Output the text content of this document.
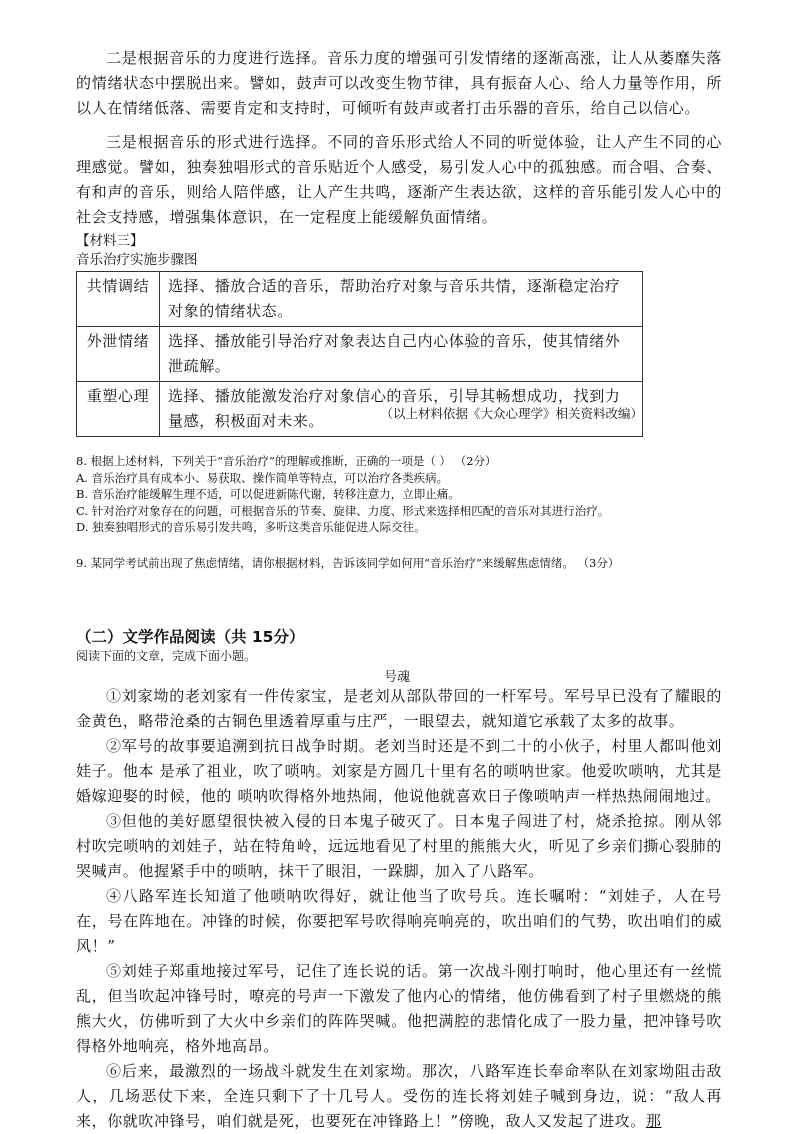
二是根据音乐的力度进行选择。音乐力度的增强可引发情绪的逐渐高涨，让人从萎靡失落的情绪状态中摆脱出来。譬如，鼓声可以改变生物节律，具有振奋人心、给人力量等作用，所以人在情绪低落、需要肯定和支持时，可倾听有鼓声或者打击乐器的音乐，给自己以信心。

三是根据音乐的形式进行选择。不同的音乐形式给人不同的听觉体验，让人产生不同的心理感觉。譬如，独奏独唱形式的音乐贴近个人感受，易引发人心中的孤独感。而合唱、合奏、有和声的音乐，则给人陪伴感，让人产生共鸣，逐渐产生表达欲，这样的音乐能引发人心中的社会支持感，增强集体意识，在一定程度上能缓解负面情绪。

【材料三】

音乐治疗实施步骤图

共情调结	选择、播放合适的音乐，帮助治疗对象与音乐共情，逐渐稳定治疗对象的情绪状态。
外泄情绪	选择、播放能引导治疗对象表达自己内心体验的音乐，使其情绪外泄疏解。
重塑心理	选择、播放能激发治疗对象信心的音乐，引导其畅想成功，找到力量感，积极面对未来。	（以上材料依据《大众心理学》相关资料改编）

8. 根据上述材料，下列关于“音乐治疗”的理解或推断，正确的一项是（ ） （2分）
A. 音乐治疗具有成本小、易获取、操作简单等特点，可以治疗各类疾病。
B. 音乐治疗能缓解生理不适，可以促进新陈代谢，转移注意力，立即止痛。
C. 针对治疗对象存在的问题，可根据音乐的节奏、旋律、力度、形式来选择相匹配的音乐对其进行治疗。
D. 独奏独唱形式的音乐易引发共鸣，多听这类音乐能促进人际交往。
9. 某同学考试前出现了焦虑情绪，请你根据材料，告诉该同学如何用“音乐治疗”来缓解焦虑情绪。 （3分）

（二）文学作品阅读（共 15分）

阅读下面的文章，完成下面小题。

号魂

①刘家坳的老刘家有一件传家宝，是老刘从部队带回的一杆军号。军号早已没有了耀眼的金黄色，略带沧桑的古铜色里透着厚重与庄严，一眼望去，就知道它承载了太多的故事。

②军号的故事要追溯到抗日战争时期。老刘当时还是不到二十的小伙子，村里人都叫他刘娃子。他本 是承了祖业，吹了唢呐。刘家是方圆几十里有名的唢呐世家。他爱吹唢呐，尤其是婚嫁迎娶的时候，他的 唢呐吹得格外地热闹，他说他就喜欢日子像唢呐声一样热热闹闹地过。

③但他的美好愿望很快被入侵的日本鬼子破灭了。日本鬼子闯进了村，烧杀抢掠。刚从邻村吹完唢呐的刘娃子，站在特角岭，远远地看见了村里的熊熊大火，听见了乡亲们撕心裂肺的哭喊声。他握紧手中的唢呐，抹干了眼泪，一跺脚，加入了八路军。

④八路军连长知道了他唢呐吹得好，就让他当了吹号兵。连长嘱咐：“刘娃子，人在号在，号在阵地在。冲锋的时候，你要把军号吹得响亮响亮的，吹出咱们的气势，吹出咱们的威风！”

⑤刘娃子郑重地接过军号，记住了连长说的话。第一次战斗刚打响时，他心里还有一丝慌乱，但当吹起冲锋号时，嘹亮的号声一下激发了他内心的情绪，他仿佛看到了村子里燃烧的熊熊大火，仿佛听到了大火中乡亲们的阵阵哭喊。他把满腔的悲情化成了一股力量，把冲锋号吹得格外地响亮，格外地高昂。

⑥后来，最激烈的一场战斗就发生在刘家坳。那次，八路军连长奉命率队在刘家坳阻击敌人，几场恶仗下来，全连只剩下了十几号人。受伤的连长将刘娃子喊到身边，说：“敌人再来，你就吹冲锋号，咱们就是死，也要死在冲锋路上！”傍晚，敌人又发起了进攻。那
